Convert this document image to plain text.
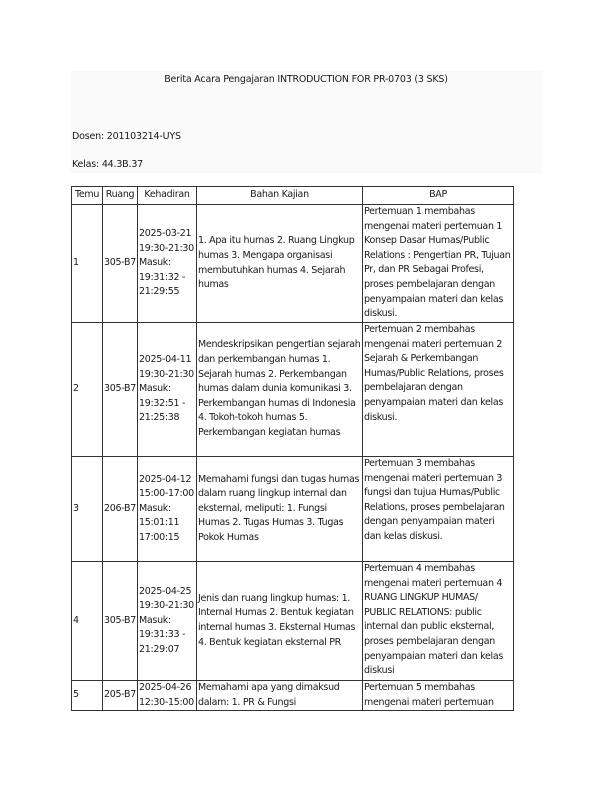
Berita Acara Pengajaran INTRODUCTION FOR PR-0703 (3 SKS)
Dosen: 201103214-UYS
Kelas: 44.3B.37
Temu	Ruang	Kehadiran	Bahan Kajian	BAP
1	305-B7	2025-03-21 19:30-21:30 Masuk: 19:31:32 - 21:29:55	1. Apa itu humas 2. Ruang Lingkup humas 3. Mengapa organisasi membutuhkan humas 4. Sejarah humas	Pertemuan 1 membahas mengenai materi pertemuan 1 Konsep Dasar Humas/Public Relations : Pengertian PR, Tujuan Pr, dan PR Sebagai Profesi, proses pembelajaran dengan penyampaian materi dan kelas diskusi.
2	305-B7	2025-04-11 19:30-21:30 Masuk: 19:32:51 - 21:25:38	Mendeskripsikan pengertian sejarah dan perkembangan humas 1. Sejarah humas 2. Perkembangan humas dalam dunia komunikasi 3. Perkembangan humas di Indonesia 4. Tokoh-tokoh humas 5. Perkembangan kegiatan humas	Pertemuan 2 membahas mengenai materi pertemuan 2 Sejarah & Perkembangan Humas/Public Relations, proses pembelajaran dengan penyampaian materi dan kelas diskusi.
3	206-B7	2025-04-12 15:00-17:00 Masuk: 15:01:11 17:00:15	Memahami fungsi dan tugas humas dalam ruang lingkup internal dan eksternal, meliputi: 1. Fungsi Humas 2. Tugas Humas 3. Tugas Pokok Humas	Pertemuan 3 membahas mengenai materi pertemuan 3 fungsi dan tujua Humas/Public Relations, proses pembelajaran dengan penyampaian materi dan kelas diskusi.
4	305-B7	2025-04-25 19:30-21:30 Masuk: 19:31:33 - 21:29:07	Jenis dan ruang lingkup humas: 1. Internal Humas 2. Bentuk kegiatan internal humas 3. Eksternal Humas 4. Bentuk kegiatan eksternal PR	Pertemuan 4 membahas mengenai materi pertemuan 4 RUANG LINGKUP HUMAS/ PUBLIC RELATIONS: public internal dan public eksternal, proses pembelajaran dengan penyampaian materi dan kelas diskusi
5	205-B7	2025-04-26 12:30-15:00	Memahami apa yang dimaksud dalam: 1. PR & Fungsi	Pertemuan 5 membahas mengenai materi pertemuan
